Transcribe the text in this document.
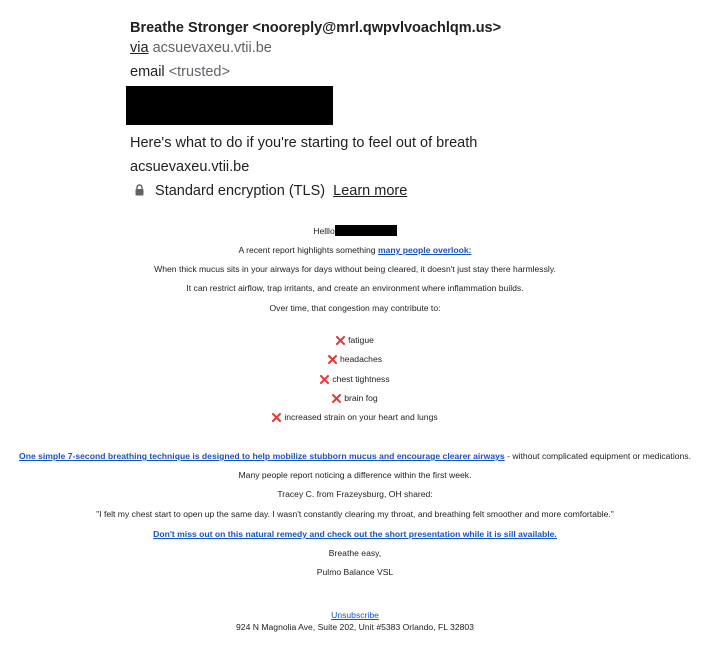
Breathe Stronger <nooreply@mrl.qwpvlvoachlqm.us>
via acsuevaxeu.vtii.be
email <trusted>
Here's what to do if you're starting to feel out of breath
acsuevaxeu.vtii.be
Standard encryption (TLS) Learn more
Helllo
A recent report highlights something many people overlook:
When thick mucus sits in your airways for days without being cleared, it doesn't just stay there harmlessly.
It can restrict airflow, trap irritants, and create an environment where inflammation builds.
Over time, that congestion may contribute to:
fatigue
headaches
chest tightness
brain fog
increased strain on your heart and lungs
One simple 7-second breathing technique is designed to help mobilize stubborn mucus and encourage clearer airways - without complicated equipment or medications.
Many people report noticing a difference within the first week.
Tracey C. from Frazeysburg, OH shared:
"I felt my chest start to open up the same day. I wasn't constantly clearing my throat, and breathing felt smoother and more comfortable."
Don't miss out on this natural remedy and check out the short presentation while it is sill available.
Breathe easy,
Pulmo Balance VSL
Unsubscribe
924 N Magnolia Ave, Suite 202, Unit #5383 Orlando, FL 32803
